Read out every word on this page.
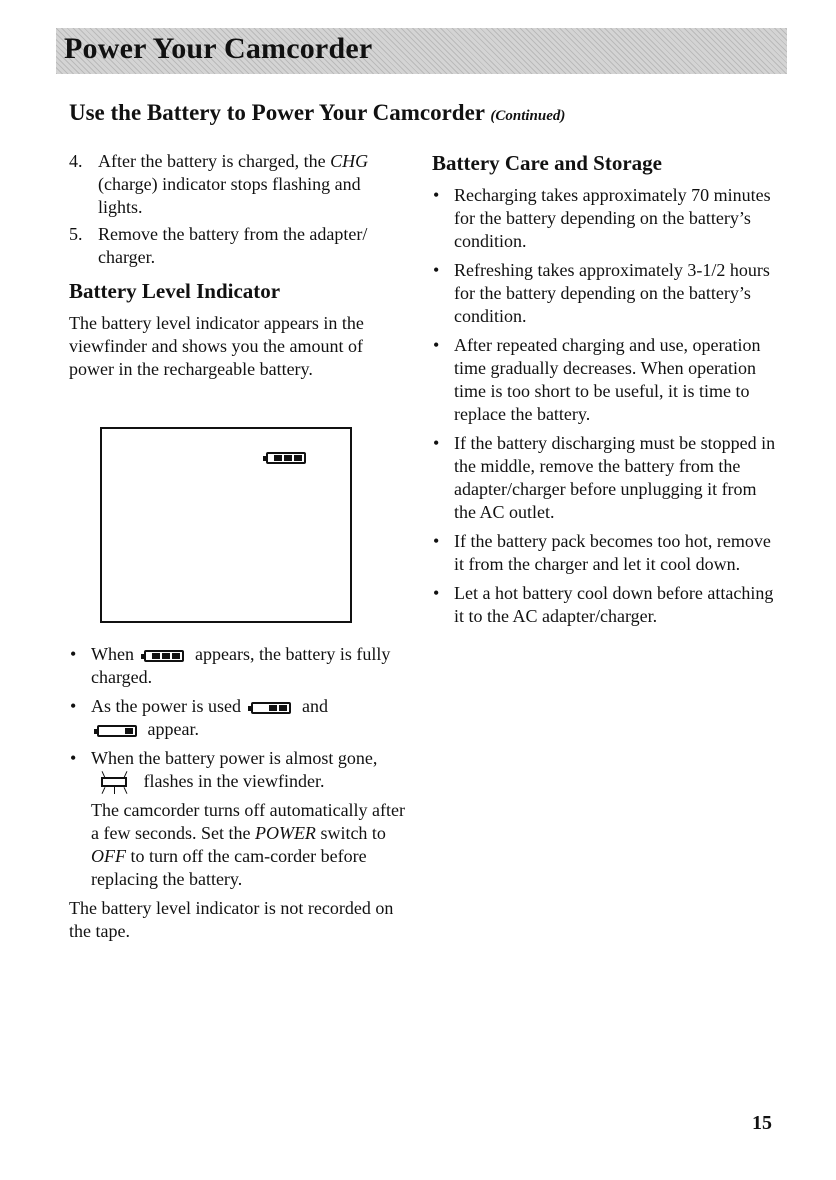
Power Your Camcorder
Use the Battery to Power Your Camcorder (Continued)
4. After the battery is charged, the CHG (charge) indicator stops flashing and lights.
5. Remove the battery from the adapter/ charger.
Battery Level Indicator

The battery level indicator appears in the viewfinder and shows you the amount of power in the rechargeable battery.

• When	appears, the battery is fully charged.
• As the power is used	and

appear.
• When the battery power is almost gone,
flashes in the viewfinder.
The camcorder turns off automatically after a few seconds. Set the POWER switch to OFF to turn off the cam-corder before replacing the battery.

The battery level indicator is not recorded on the tape.

Battery Care and Storage
• Recharging takes approximately 70 minutes for the battery depending on the battery’s condition.
• Refreshing takes approximately 3-1/2 hours for the battery depending on the battery’s condition.
• After repeated charging and use, operation time gradually decreases. When operation time is too short to be useful, it is time to replace the battery.
• If the battery discharging must be stopped in the middle, remove the battery from the adapter/charger before unplugging it from the AC outlet.
• If the battery pack becomes too hot, remove it from the charger and let it cool down.
• Let a hot battery cool down before attaching it to the AC adapter/charger.

15
